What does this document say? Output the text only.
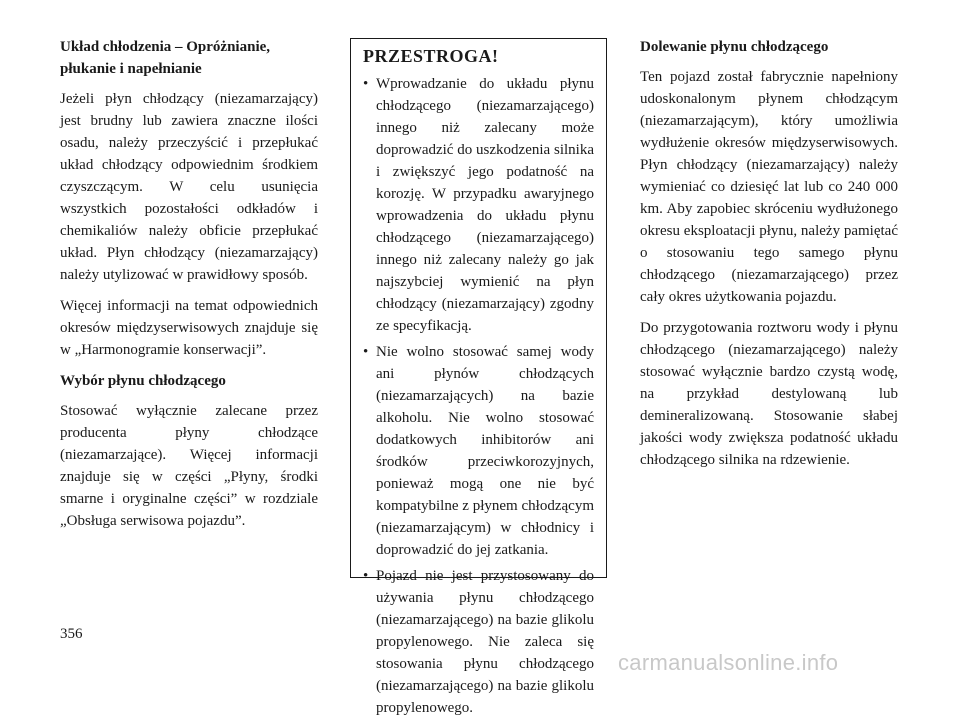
Układ chłodzenia – Opróżnianie, płukanie i napełnianie

Jeżeli płyn chłodzący (niezamarzający) jest brudny lub zawiera znaczne ilości osadu, należy przeczyścić i przepłukać układ chłodzący odpowiednim środkiem czyszczącym. W celu usunięcia wszystkich pozostałości odkładów i chemikaliów należy obficie przepłukać układ. Płyn chłodzący (niezamarzający) należy utylizować w prawidłowy sposób.

Więcej informacji na temat odpowiednich okresów międzyserwisowych znajduje się w „Harmonogramie konserwacji”.

Wybór płynu chłodzącego

Stosować wyłącznie zalecane przez producenta płyny chłodzące (niezamarzające). Więcej informacji znajduje się w części „Płyny, środki smarne i oryginalne części” w rozdziale „Obsługa serwisowa pojazdu”.

PRZESTROGA!
• Wprowadzanie do układu płynu chłodzącego (niezamarzającego) innego niż zalecany może doprowadzić do uszkodzenia silnika i zwiększyć jego podatność na korozję. W przypadku awaryjnego wprowadzenia do układu płynu chłodzącego (niezamarzającego) innego niż zalecany należy go jak najszybciej wymienić na płyn chłodzący (niezamarzający) zgodny ze specyfikacją.
• Nie wolno stosować samej wody ani płynów chłodzących (niezamarzających) na bazie alkoholu. Nie wolno stosować dodatkowych inhibitorów ani środków przeciwkorozyjnych, ponieważ mogą one nie być kompatybilne z płynem chłodzącym (niezamarzającym) w chłodnicy i doprowadzić do jej zatkania.
• Pojazd nie jest przystosowany do używania płynu chłodzącego (niezamarzającego) na bazie glikolu propylenowego. Nie zaleca się stosowania płynu chłodzącego (niezamarzającego) na bazie glikolu propylenowego.
Dolewanie płynu chłodzącego

Ten pojazd został fabrycznie napełniony udoskonalonym płynem chłodzącym (niezamarzającym), który umożliwia wydłużenie okresów międzyserwisowych. Płyn chłodzący (niezamarzający) należy wymieniać co dziesięć lat lub co 240 000 km. Aby zapobiec skróceniu wydłużonego okresu eksploatacji płynu, należy pamiętać o stosowaniu tego samego płynu chłodzącego (niezamarzającego) przez cały okres użytkowania pojazdu.

Do przygotowania roztworu wody i płynu chłodzącego (niezamarzającego) należy stosować wyłącznie bardzo czystą wodę, na przykład destylowaną lub demineralizowaną. Stosowanie słabej jakości wody zwiększa podatność układu chłodzącego silnika na rdzewienie.

356
carmanualsonline.info
